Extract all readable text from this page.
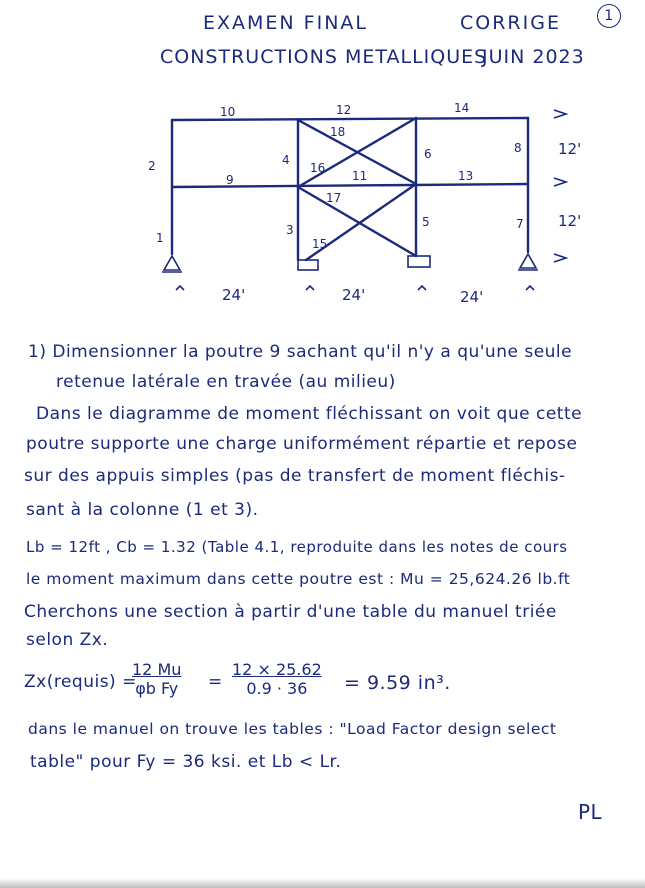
EXAMEN FINAL	CORRIGE	1
CONSTRUCTIONS METALLIQUES
JUIN 2023
1
2
3
4
5
6
7
8
9
10
11
12
13
14
15
16
17
18
24'	24'	24'
12'
12'
1) Dimensionner la poutre 9 sachant qu'il n'y a qu'une seule
retenue latérale en travée (au milieu)
Dans le diagramme de moment fléchissant on voit que cette
poutre supporte une charge uniformément répartie et repose
sur des appuis simples (pas de transfert de moment fléchis-
sant à la colonne (1 et 3).
Lb = 12ft , Cb = 1.32 (Table 4.1, reproduite dans les notes de cours
le moment maximum dans cette poutre est : Mu = 25,624.26 lb.ft
Cherchons une section à partir d'une table du manuel triée
selon Zx.
Zx(requis) =
$\frac{12 Mu}{\text{φb Fy}} = \frac{12 \times 25.62}{0.9 \cdot 36} = 9.59$ in³.
dans le manuel on trouve les tables : "Load Factor design select
table" pour Fy = 36 ksi. et Lb < Lr.
PL
